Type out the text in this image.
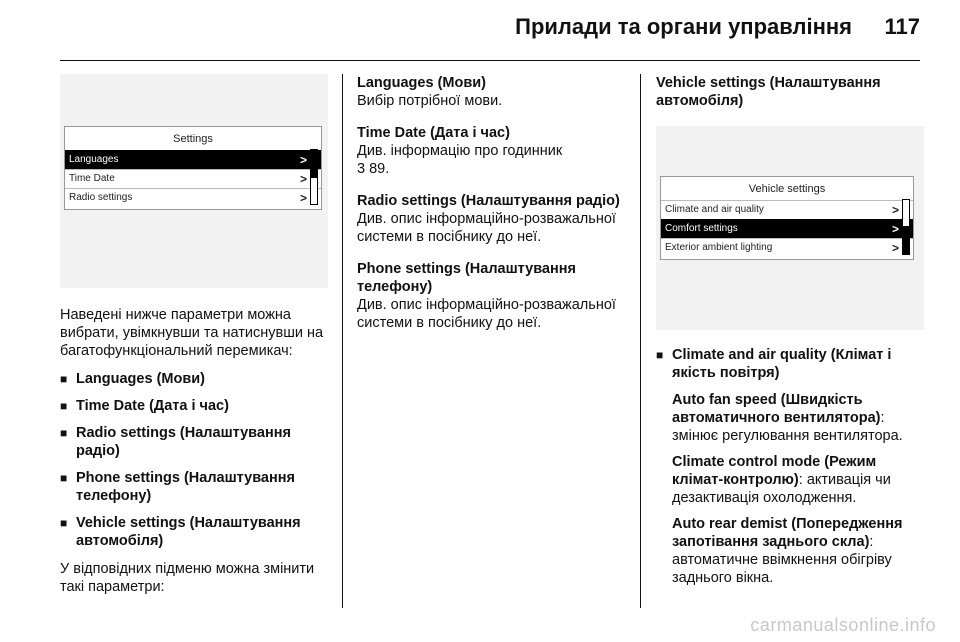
Прилади та органи управління 117
Settings
Languages	>
Time Date	>
Radio settings	>

Наведені нижче параметри можна вибрати, увімкнувши та натиснувши на багатофункціональний перемикач:

■ Languages (Мови)
■ Time Date (Дата і час)
■ Radio settings (Налаштування радіо)
■ Phone settings (Налаштування телефону)
■ Vehicle settings (Налаштування автомобіля)

У відповідних підменю можна змінити такі параметри:

Languages (Мови)

Вибір потрібної мови.

Time Date (Дата і час)

Див. інформацію про годинник

3 89.

Radio settings (Налаштування радіо)

Див. опис інформаційно-розважальної системи в посібнику до неї.

Phone settings (Налаштування телефону)

Див. опис інформаційно-розважальної системи в посібнику до неї.

Vehicle settings (Налаштування автомобіля)

Vehicle settings
Climate and air quality	>
Comfort settings	>
Exterior ambient lighting	>
■ Climate and air quality (Клімат і якість повітря)
Auto fan speed (Швидкість автоматичного вентилятора): змінює регулювання вентилятора.
Climate control mode (Режим клімат-контролю): активація чи дезактивація охолодження.
Auto rear demist (Попередження запотівання заднього скла): автоматичне ввімкнення обігріву заднього вікна.
carmanualsonline.info
